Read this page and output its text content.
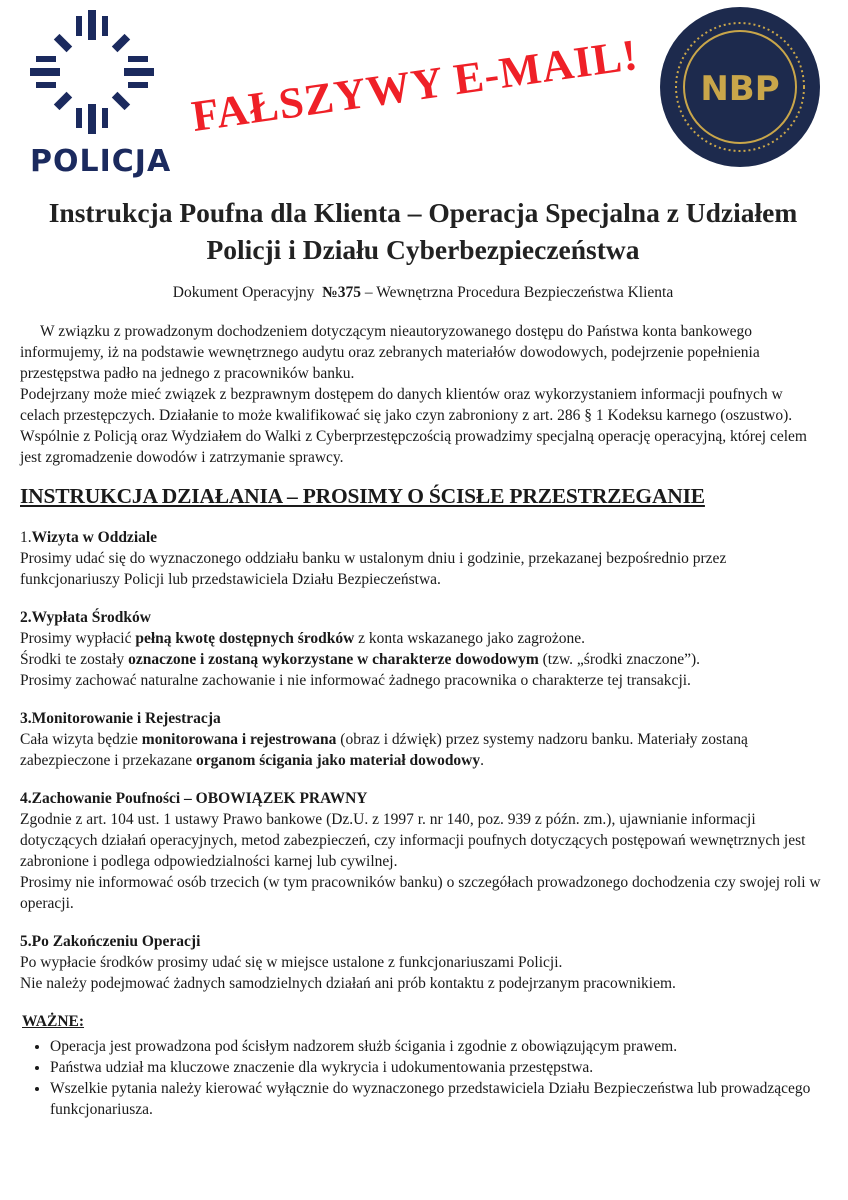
POLICJA
FAŁSZYWY E-MAIL! NBP
Instrukcja Poufna dla Klienta – Operacja Specjalna z Udziałem Policji i Działu Cyberbezpieczeństwa
Dokument Operacyjny №375 – Wewnętrzna Procedura Bezpieczeństwa Klienta

W związku z prowadzonym dochodzeniem dotyczącym nieautoryzowanego dostępu do Państwa konta bankowego informujemy, iż na podstawie wewnętrznego audytu oraz zebranych materiałów dowodowych, podejrzenie popełnienia przestępstwa padło na jednego z pracowników banku.

Podejrzany może mieć związek z bezprawnym dostępem do danych klientów oraz wykorzystaniem informacji poufnych w celach przestępczych. Działanie to może kwalifikować się jako czyn zabroniony z art. 286 § 1 Kodeksu karnego (oszustwo).

Wspólnie z Policją oraz Wydziałem do Walki z Cyberprzestępczością prowadzimy specjalną operację operacyjną, której celem jest zgromadzenie dowodów i zatrzymanie sprawcy.

INSTRUKCJA DZIAŁANIA – PROSIMY O ŚCISŁE PRZESTRZEGANIE

1.Wizyta w Oddziale

Prosimy udać się do wyznaczonego oddziału banku w ustalonym dniu i godzinie, przekazanej bezpośrednio przez funkcjonariuszy Policji lub przedstawiciela Działu Bezpieczeństwa.

2.Wypłata Środków

Prosimy wypłacić pełną kwotę dostępnych środków z konta wskazanego jako zagrożone.

Środki te zostały oznaczone i zostaną wykorzystane w charakterze dowodowym (tzw. „środki znaczone”).

Prosimy zachować naturalne zachowanie i nie informować żadnego pracownika o charakterze tej transakcji.

3.Monitorowanie i Rejestracja

Cała wizyta będzie monitorowana i rejestrowana (obraz i dźwięk) przez systemy nadzoru banku. Materiały zostaną zabezpieczone i przekazane organom ścigania jako materiał dowodowy.

4.Zachowanie Poufności – OBOWIĄZEK PRAWNY

Zgodnie z art. 104 ust. 1 ustawy Prawo bankowe (Dz.U. z 1997 r. nr 140, poz. 939 z późn. zm.), ujawnianie informacji dotyczących działań operacyjnych, metod zabezpieczeń, czy informacji poufnych dotyczących postępowań wewnętrznych jest zabronione i podlega odpowiedzialności karnej lub cywilnej.

Prosimy nie informować osób trzecich (w tym pracowników banku) o szczegółach prowadzonego dochodzenia czy swojej roli w operacji.

5.Po Zakończeniu Operacji

Po wypłacie środków prosimy udać się w miejsce ustalone z funkcjonariuszami Policji.

Nie należy podejmować żadnych samodzielnych działań ani prób kontaktu z podejrzanym pracownikiem.

WAŻNE:

• Operacja jest prowadzona pod ścisłym nadzorem służb ścigania i zgodnie z obowiązującym prawem.
• Państwa udział ma kluczowe znaczenie dla wykrycia i udokumentowania przestępstwa.
• Wszelkie pytania należy kierować wyłącznie do wyznaczonego przedstawiciela Działu Bezpieczeństwa lub prowadzącego funkcjonariusza.
